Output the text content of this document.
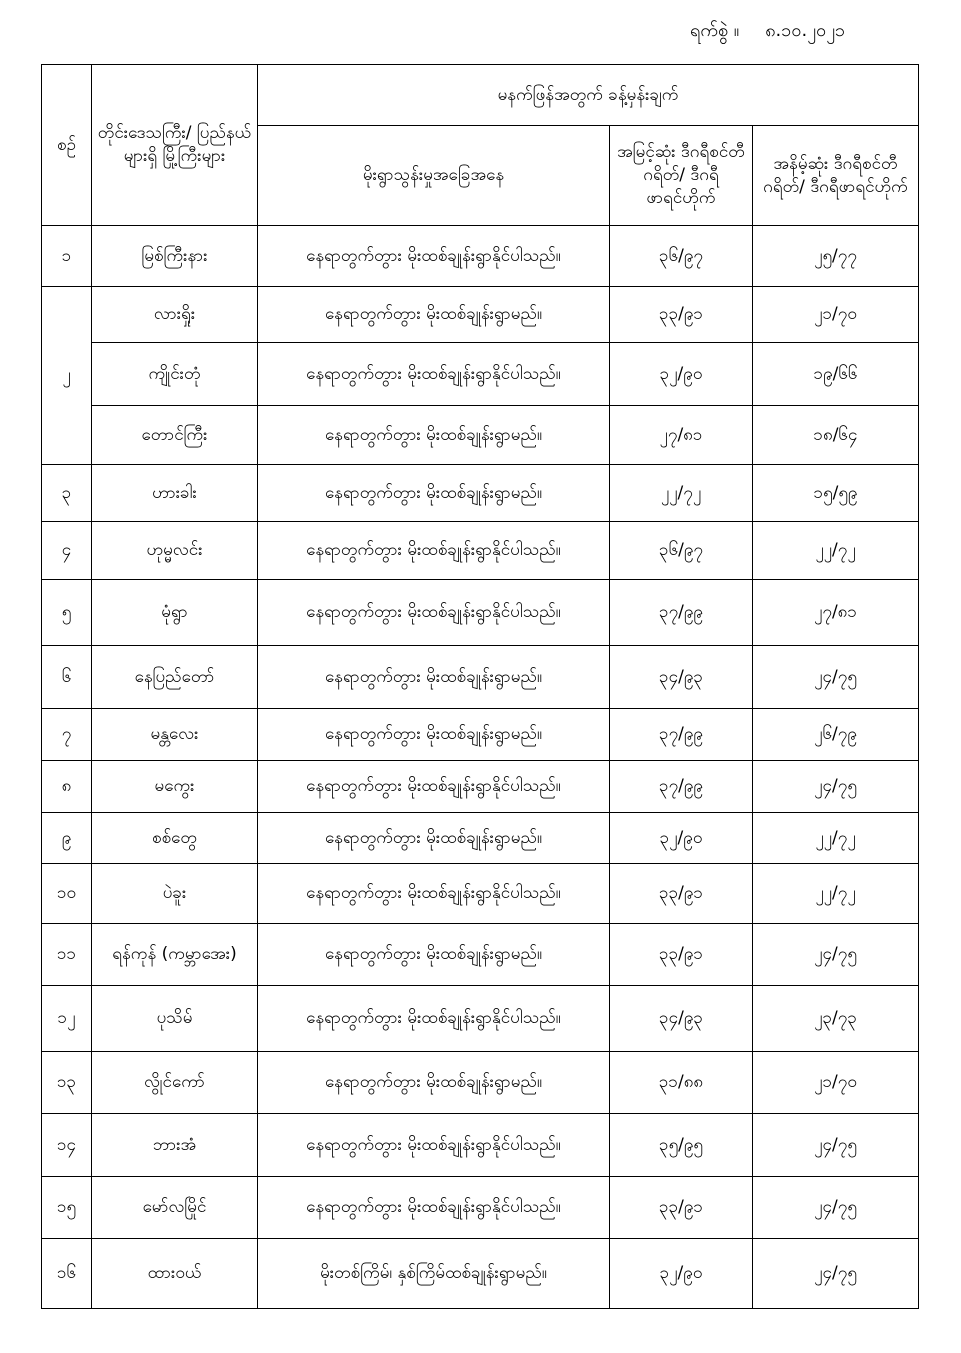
ရက်စွဲ ။ ၈.၁၀.၂၀၂၁
စဉ်	တိုင်းဒေသကြီး/ ပြည်နယ်များရှိ မြို့ကြီးများ	မနက်ဖြန်အတွက် ခန့်မှန်းချက်		
		မိုးရွာသွန်းမှုအခြေအနေ	အမြင့်ဆုံး ဒီဂရီစင်တီဂရိတ်/ ဒီဂရီဖာရင်ဟိုက်	အနိမ့်ဆုံး ဒီဂရီစင်တီဂရိတ်/ ဒီဂရီဖာရင်ဟိုက်
၁	မြစ်ကြီးနား	နေရာတွက်တွား မိုးထစ်ချုန်းရွာနိုင်ပါသည်။	၃၆/၉၇	၂၅/၇၇
၂	လားရှိုး	နေရာတွက်တွား မိုးထစ်ချုန်းရွာမည်။	၃၃/၉၁	၂၁/၇၀
	ကျိုင်းတုံ	နေရာတွက်တွား မိုးထစ်ချုန်းရွာနိုင်ပါသည်။	၃၂/၉၀	၁၉/၆၆
	တောင်ကြီး	နေရာတွက်တွား မိုးထစ်ချုန်းရွာမည်။	၂၇/၈၁	၁၈/၆၄
၃	ဟားခါး	နေရာတွက်တွား မိုးထစ်ချုန်းရွာမည်။	၂၂/၇၂	၁၅/၅၉
၄	ဟုမ္မလင်း	နေရာတွက်တွား မိုးထစ်ချုန်းရွာနိုင်ပါသည်။	၃၆/၉၇	၂၂/၇၂
၅	မုံရွာ	နေရာတွက်တွား မိုးထစ်ချုန်းရွာနိုင်ပါသည်။	၃၇/၉၉	၂၇/၈၁
၆	နေပြည်တော်	နေရာတွက်တွား မိုးထစ်ချုန်းရွာမည်။	၃၄/၉၃	၂၄/၇၅
၇	မန္တလေး	နေရာတွက်တွား မိုးထစ်ချုန်းရွာမည်။	၃၇/၉၉	၂၆/၇၉
၈	မကွေး	နေရာတွက်တွား မိုးထစ်ချုန်းရွာနိုင်ပါသည်။	၃၇/၉၉	၂၄/၇၅
၉	စစ်တွေ	နေရာတွက်တွား မိုးထစ်ချုန်းရွာမည်။	၃၂/၉၀	၂၂/၇၂
၁၀	ပဲခူး	နေရာတွက်တွား မိုးထစ်ချုန်းရွာနိုင်ပါသည်။	၃၃/၉၁	၂၂/၇၂
၁၁	ရန်ကုန် (ကမ္ဘာအေး)	နေရာတွက်တွား မိုးထစ်ချုန်းရွာမည်။	၃၃/၉၁	၂၄/၇၅
၁၂	ပုသိမ်	နေရာတွက်တွား မိုးထစ်ချုန်းရွာနိုင်ပါသည်။	၃၄/၉၃	၂၃/၇၃
၁၃	လွိုင်ကော်	နေရာတွက်တွား မိုးထစ်ချုန်းရွာမည်။	၃၁/၈၈	၂၁/၇၀
၁၄	ဘားအံ	နေရာတွက်တွား မိုးထစ်ချုန်းရွာနိုင်ပါသည်။	၃၅/၉၅	၂၄/၇၅
၁၅	မော်လမြိုင်	နေရာတွက်တွား မိုးထစ်ချုန်းရွာနိုင်ပါသည်။	၃၃/၉၁	၂၄/၇၅
၁၆	ထားဝယ်	မိုးတစ်ကြိမ်၊ နှစ်ကြိမ်ထစ်ချုန်းရွာမည်။	၃၂/၉၀	၂၄/၇၅
